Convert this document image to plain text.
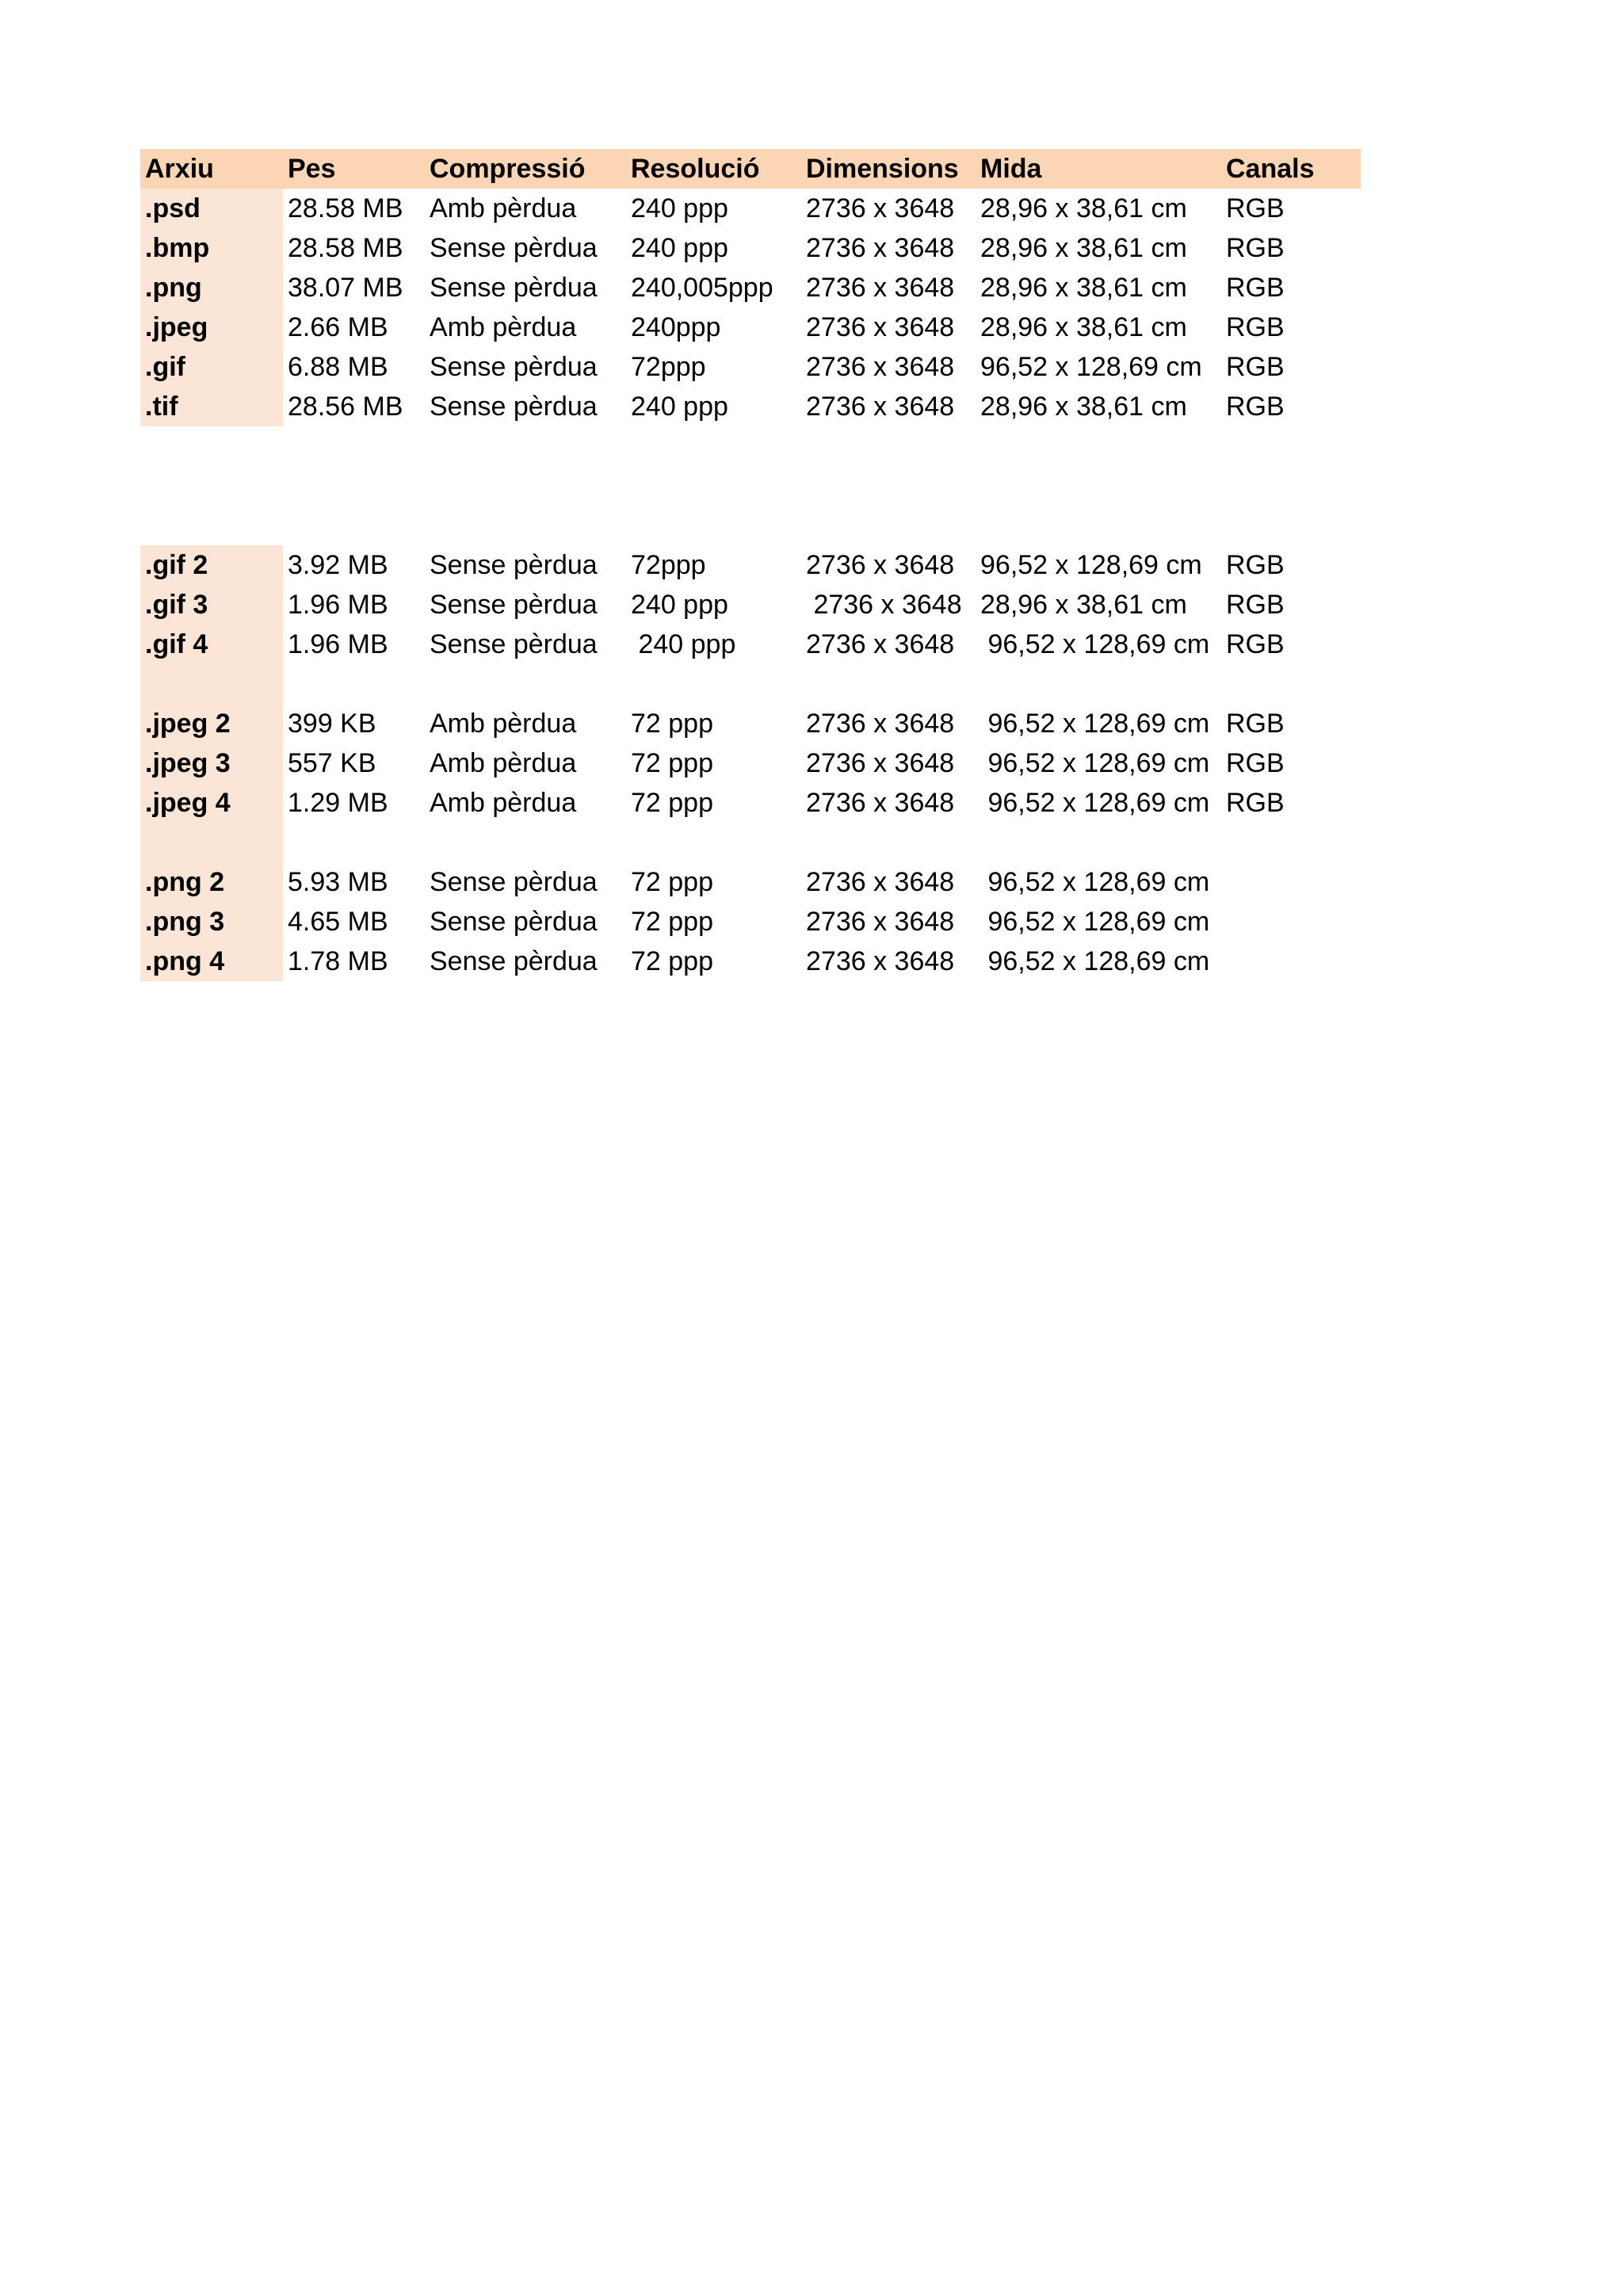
Arxiu	Pes	Compressió	Resolució	Dimensions	Mida	Canals
.psd	28.58 MB	Amb pèrdua	240 ppp	2736 x 3648	28,96 x 38,61 cm	RGB
.bmp	28.58 MB	Sense pèrdua	240 ppp	2736 x 3648	28,96 x 38,61 cm	RGB
.png	38.07 MB	Sense pèrdua	240,005ppp	2736 x 3648	28,96 x 38,61 cm	RGB
.jpeg	2.66 MB	Amb pèrdua	240ppp	2736 x 3648	28,96 x 38,61 cm	RGB
.gif	6.88 MB	Sense pèrdua	72ppp	2736 x 3648	96,52 x 128,69 cm	RGB
.tif	28.56 MB	Sense pèrdua	240 ppp	2736 x 3648	28,96 x 38,61 cm	RGB

.gif 2	3.92 MB	Sense pèrdua	72ppp	2736 x 3648	96,52 x 128,69 cm	RGB
.gif 3	1.96 MB	Sense pèrdua	240 ppp	2736 x 3648	28,96 x 38,61 cm	RGB
.gif 4	1.96 MB	Sense pèrdua	240 ppp	2736 x 3648	96,52 x 128,69 cm	RGB

.jpeg 2	399 KB	Amb pèrdua	72 ppp	2736 x 3648	96,52 x 128,69 cm	RGB
.jpeg 3	557 KB	Amb pèrdua	72 ppp	2736 x 3648	96,52 x 128,69 cm	RGB
.jpeg 4	1.29 MB	Amb pèrdua	72 ppp	2736 x 3648	96,52 x 128,69 cm	RGB

.png 2	5.93 MB	Sense pèrdua	72 ppp	2736 x 3648	96,52 x 128,69 cm	
.png 3	4.65 MB	Sense pèrdua	72 ppp	2736 x 3648	96,52 x 128,69 cm	
.png 4	1.78 MB	Sense pèrdua	72 ppp	2736 x 3648	96,52 x 128,69 cm	
